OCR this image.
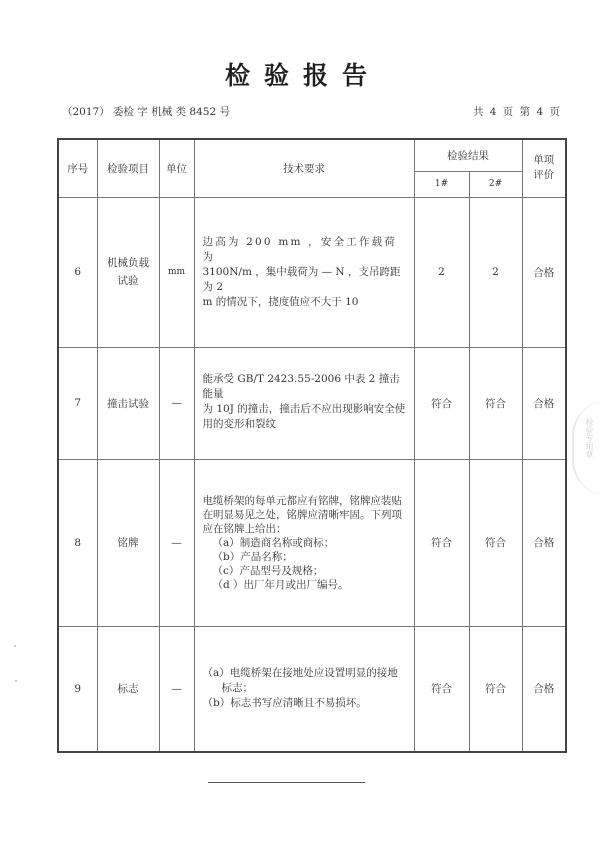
检验报告
（2017） 委检 字 机械 类 8452 号	共 4 页 第 4 页
序号	检验项目	单位	技术要求	检验结果		单项
评价

				1#	2#	
6	机械负载
试验	mm	边高为 200 mm ，安全工作载荷为
3100N/m ，集中载荷为 — N ，支吊跨距为 2
m 的情况下，挠度值应不大于 10	2	2	合格
7	撞击试验	—	能承受 GB/T 2423.55-2006 中表 2 撞击能量
为 10J 的撞击，撞击后不应出现影响安全使
用的变形和裂纹	符合	符合	合格
8	铭牌	—	
电缆桥架的每单元都应有铭牌，铭牌应装贴
在明显易见之处，铭牌应清晰牢固。下列项
应在铭牌上给出：
（a）制造商名称或商标；
（b）产品名称；
（c）产品型号及规格；
（d ）出厂年月或出厂编号。
	符合	符合	合格
9	标志	—	（a）电缆桥架在接地处应设置明显的接地标志；
（b）标志书写应清晰且不易损坏。	符合	符合	合格
检验专用章
